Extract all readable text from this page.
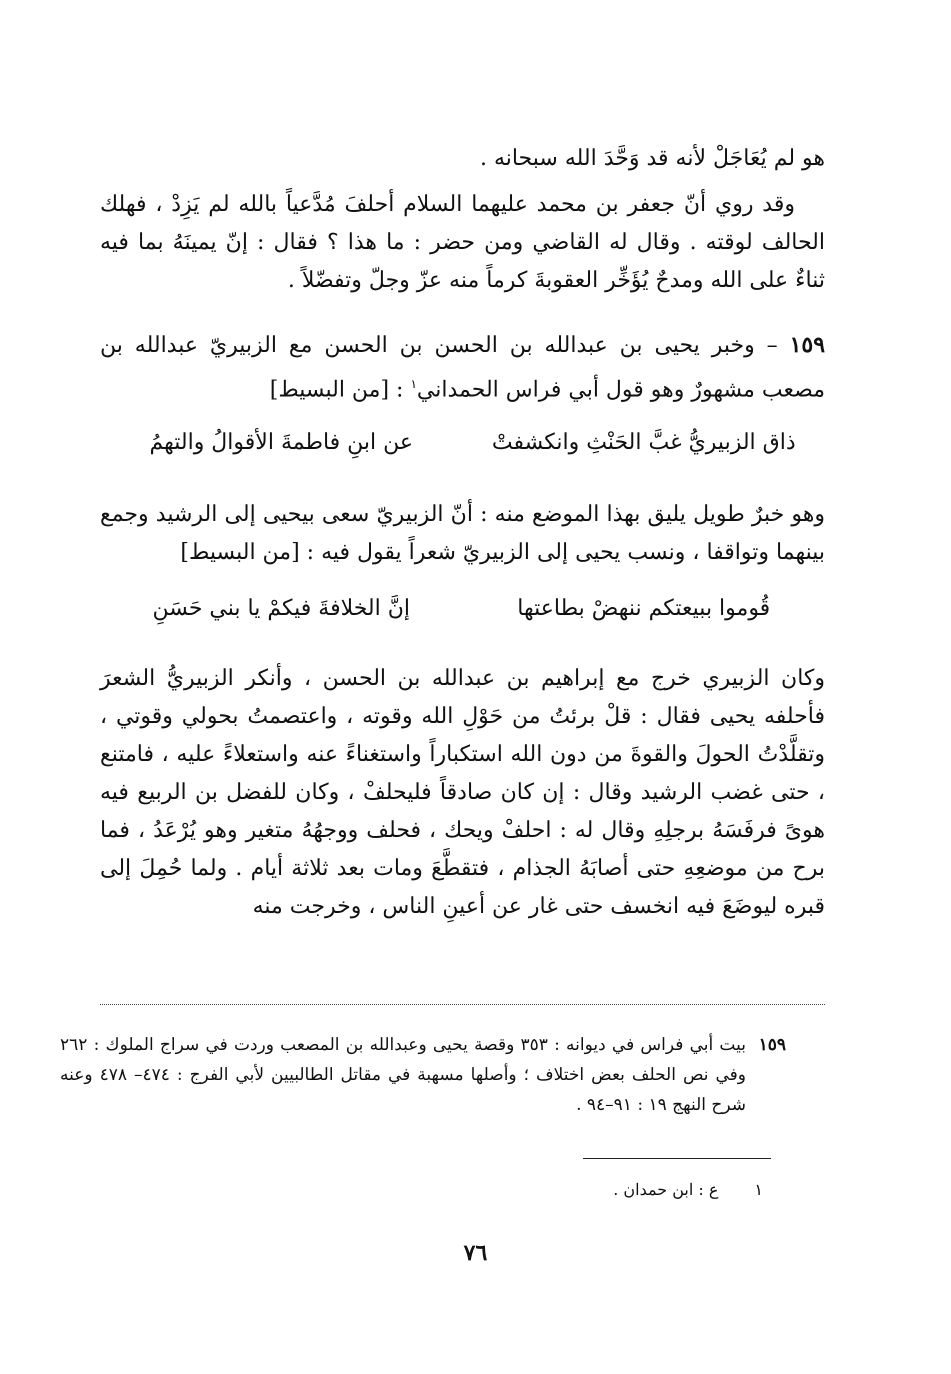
هو لم يُعَاجَلْ لأنه قد وَحَّدَ الله سبحانه .
وقد روي أنّ جعفر بن محمد عليهما السلام أحلفَ مُدَّعياً بالله لم يَزِدْ ، فهلك الحالف لوقته . وقال له القاضي ومن حضر : ما هذا ؟ فقال : إنّ يمينَهُ بما فيه ثناءٌ على الله ومدحٌ يُؤَخِّر العقوبةَ كرماً منه عزّ وجلّ وتفضّلاً .
١٥٩ – وخبر يحيى بن عبدالله بن الحسن بن الحسن مع الزبيريّ عبدالله بن مصعب مشهورٌ وهو قول أبي فراس الحمداني$^١$ : [من البسيط]
ذاق الزبيريُّ غبَّ الحَنْثِ وانكشفتْ
عن ابنِ فاطمةَ الأقوالُ والتهمُ
وهو خبرٌ طويل يليق بهذا الموضع منه : أنّ الزبيريّ سعى بيحيى إلى الرشيد وجمع بينهما وتواقفا ، ونسب يحيى إلى الزبيريّ شعراً يقول فيه : [من البسيط]
قُوموا ببيعتكم ننهضْ بطاعتها
إنَّ الخلافةَ فيكمْ يا بني حَسَنِ
وكان الزبيري خرج مع إبراهيم بن عبدالله بن الحسن ، وأنكر الزبيريُّ الشعرَ فأحلفه يحيى فقال : قلْ برئتُ من حَوْلِ الله وقوته ، واعتصمتُ بحولي وقوتي ، وتقلَّدْتُ الحولَ والقوةَ من دون الله استكباراً واستغناءً عنه واستعلاءً عليه ، فامتنع ، حتى غضب الرشيد وقال : إن كان صادقاً فليحلفْ ، وكان للفضل بن الربيع فيه هوىً فرفَسَهُ برجلِهِ وقال له : احلفْ ويحك ، فحلف ووجهُهُ متغير وهو يُرْعَدُ ، فما برح من موضعِهِ حتى أصابَهُ الجذام ، فتقطَّعَ ومات بعد ثلاثة أيام . ولما حُمِلَ إلى قبره ليوضَعَ فيه انخسف حتى غار عن أعينِ الناس ، وخرجت منه
١٥٩
بيت أبي فراس في ديوانه : ٣٥٣ وقصة يحيى وعبدالله بن المصعب وردت في سراج الملوك : ٢٦٢ وفي نص الحلف بعض اختلاف ؛ وأصلها مسهبة في مقاتل الطالبيين لأبي الفرج : ٤٧٤– ٤٧٨ وعنه شرح النهج ١٩ : ٩١–٩٤ .
١ع : ابن حمدان .
٧٦
